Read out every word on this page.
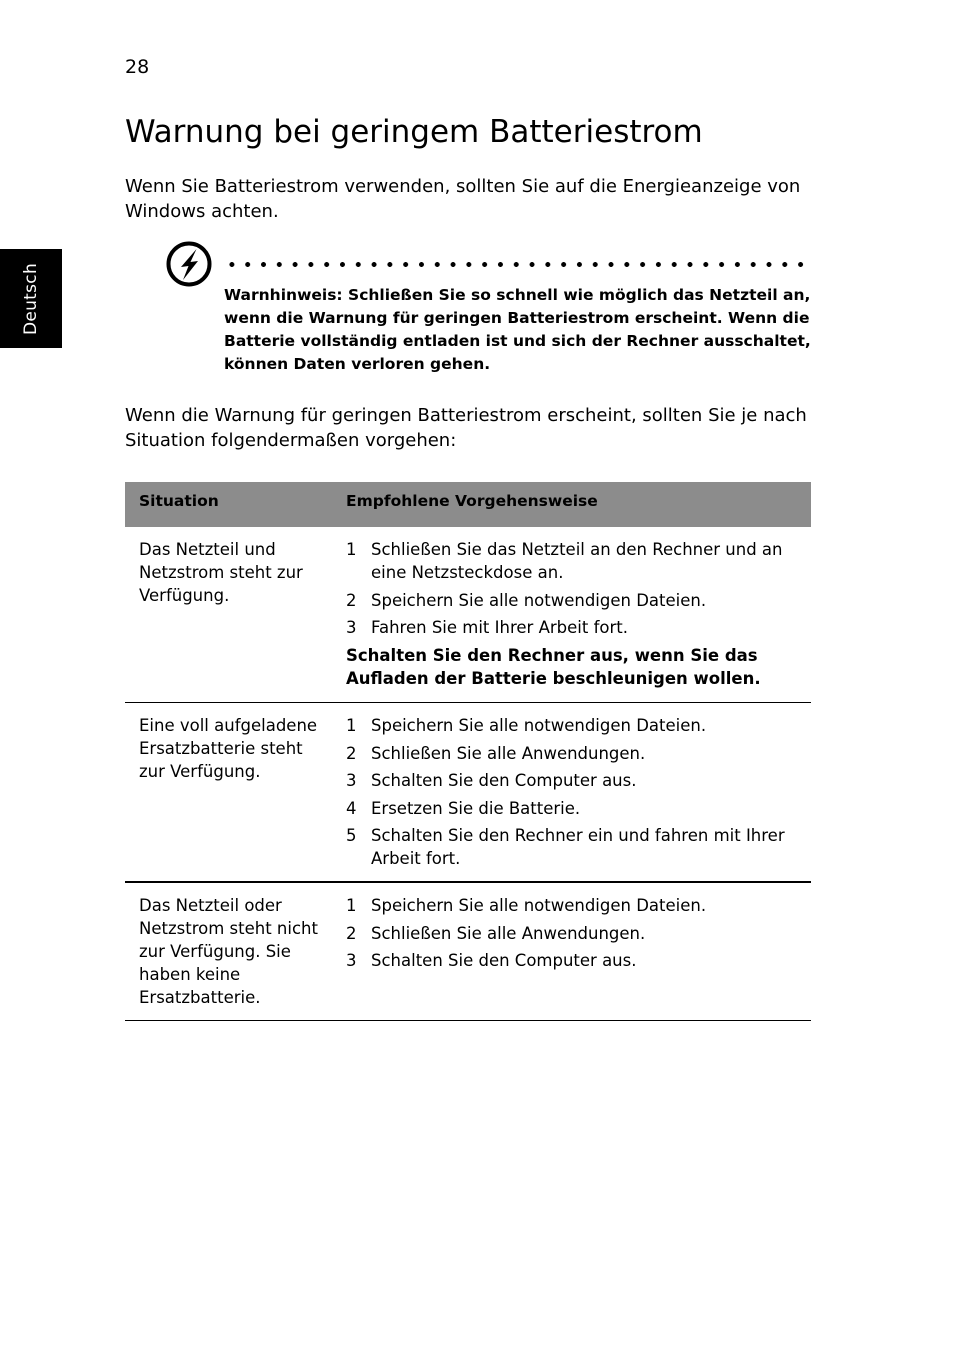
28
Deutsch
Warnung bei geringem Batteriestrom

Wenn Sie Batteriestrom verwenden, sollten Sie auf die Energieanzeige von Windows achten.

Warnhinweis: Schließen Sie so schnell wie möglich das Netzteil an, wenn die Warnung für geringen Batteriestrom erscheint. Wenn die Batterie vollständig entladen ist und sich der Rechner ausschaltet, können Daten verloren gehen.

Wenn die Warnung für geringen Batteriestrom erscheint, sollten Sie je nach Situation folgendermaßen vorgehen:

Situation	Empfohlene Vorgehensweise
Das Netzteil und Netzstrom steht zur Verfügung.
1 Schließen Sie das Netzteil an den Rechner und an eine Netzsteckdose an.
2 Speichern Sie alle notwendigen Dateien.
3 Fahren Sie mit Ihrer Arbeit fort.
Schalten Sie den Rechner aus, wenn Sie das Aufladen der Batterie beschleunigen wollen.
Eine voll aufgeladene Ersatzbatterie steht zur Verfügung.
1 Speichern Sie alle notwendigen Dateien.
2 Schließen Sie alle Anwendungen.
3 Schalten Sie den Computer aus.
4 Ersetzen Sie die Batterie.
5 Schalten Sie den Rechner ein und fahren mit Ihrer Arbeit fort.
Das Netzteil oder Netzstrom steht nicht zur Verfügung. Sie haben keine Ersatzbatterie.
1 Speichern Sie alle notwendigen Dateien.
2 Schließen Sie alle Anwendungen.
3 Schalten Sie den Computer aus.
